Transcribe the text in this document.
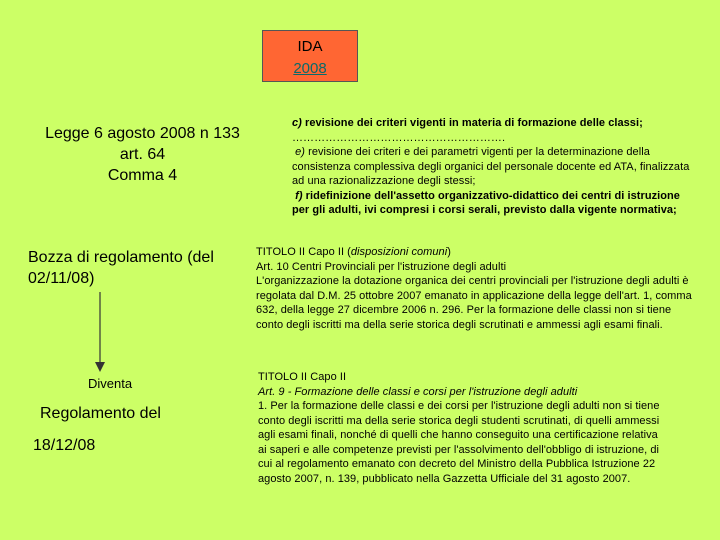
IDA
2008
Legge 6 agosto 2008 n 133
art. 64
Comma 4
Bozza di regolamento (del
02/11/08)
Diventa
Regolamento del
18/12/08

c) revisione dei criteri vigenti in materia di formazione delle classi;

………………………………………………….

e) revisione dei criteri e dei parametri vigenti per la determinazione della consistenza complessiva degli organici del personale docente ed ATA, finalizzata ad una razionalizzazione degli stessi;

f) ridefinizione dell'assetto organizzativo-didattico dei centri di istruzione per gli adulti, ivi compresi i corsi serali, previsto dalla vigente normativa;

TITOLO II Capo II (disposizioni comuni)

Art. 10 Centri Provinciali per l'istruzione degli adulti

L'organizzazione la dotazione organica dei centri provinciali per l'istruzione degli adulti è regolata dal D.M. 25 ottobre 2007 emanato in applicazione della legge dell'art. 1, comma 632, della legge 27 dicembre 2006 n. 296. Per la formazione delle classi non si tiene conto degli iscritti ma della serie storica degli scrutinati e ammessi agli esami finali.

TITOLO II Capo II

Art. 9 - Formazione delle classi e corsi per l'istruzione degli adulti

1. Per la formazione delle classi e dei corsi per l'istruzione degli adulti non si tiene conto degli iscritti ma della serie storica degli studenti scrutinati, di quelli ammessi agli esami finali, nonché di quelli che hanno conseguito una certificazione relativa ai saperi e alle competenze previsti per l'assolvimento dell'obbligo di istruzione, di cui al regolamento emanato con decreto del Ministro della Pubblica Istruzione 22 agosto 2007, n. 139, pubblicato nella Gazzetta Ufficiale del 31 agosto 2007.
